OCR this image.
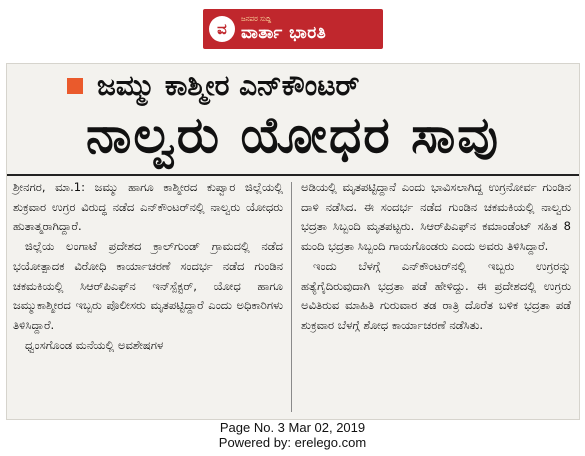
ವ
ಜನಪರ ಸುದ್ದಿ
ವಾರ್ತಾ ಭಾರತಿ
ಜಮ್ಮು ಕಾಶ್ಮೀರ ಎನ್‌ಕೌಂಟರ್
ನಾಲ್ವರು ಯೋಧರ ಸಾವು

ಶ್ರೀನಗರ, ಮಾ.1: ಜಮ್ಮು ಹಾಗೂ ಕಾಶ್ಮೀರದ ಕುಪ್ವಾರ ಜಿಲ್ಲೆಯಲ್ಲಿ ಶುಕ್ರವಾರ ಉಗ್ರರ ವಿರುದ್ಧ ನಡೆದ ಎನ್‌ಕೌಂಟರ್‌ನಲ್ಲಿ ನಾಲ್ವರು ಯೋಧರು ಹುತಾತ್ಮರಾಗಿದ್ದಾರೆ.

ಜಿಲ್ಲೆಯ ಲಂಗಾಟೆ ಪ್ರದೇಶದ ಕ್ರಾಲ್‌ಗುಂಡ್ ಗ್ರಾಮದಲ್ಲಿ ನಡೆದ ಭಯೋತ್ಪಾದಕ ವಿರೋಧಿ ಕಾರ್ಯಾಚರಣೆ ಸಂದರ್ಭ ನಡೆದ ಗುಂಡಿನ ಚಕಮಕಿಯಲ್ಲಿ ಸಿಆರ್‌ಪಿಎಫ್‌ನ ಇನ್‌ಸ್ಪೆಕ್ಟರ್, ಯೋಧ ಹಾಗೂ ಜಮ್ಮುಕಾಶ್ಮೀರದ ಇಬ್ಬರು ಪೊಲೀಸರು ಮೃತಪಟ್ಟಿದ್ದಾರೆ ಎಂದು ಅಧಿಕಾರಿಗಳು ತಿಳಿಸಿದ್ದಾರೆ.

ಧ್ವಂಸಗೊಂಡ ಮನೆಯಲ್ಲಿ ಅವಶೇಷಗಳ

ಅಡಿಯಲ್ಲಿ ಮೃತಪಟ್ಟಿದ್ದಾನೆ ಎಂದು ಭಾವಿಸಲಾಗಿದ್ದ ಉಗ್ರನೋರ್ವ ಗುಂಡಿನ ದಾಳಿ ನಡೆಸಿದ. ಈ ಸಂದರ್ಭ ನಡೆದ ಗುಂಡಿನ ಚಕಮಕಿಯಲ್ಲಿ ನಾಲ್ವರು ಭದ್ರತಾ ಸಿಬ್ಬಂದಿ ಮೃತಪಟ್ಟರು. ಸಿಆರ್‌ಪಿಎಫ್‌ನ ಕಮಾಂಡೆಂಟ್ ಸಹಿತ 8 ಮಂದಿ ಭದ್ರತಾ ಸಿಬ್ಬಂದಿ ಗಾಯಗೊಂಡರು ಎಂದು ಅವರು ತಿಳಿಸಿದ್ದಾರೆ.

ಇಂದು ಬೆಳಗ್ಗೆ ಎನ್‌ಕೌಂಟರ್‌ನಲ್ಲಿ ಇಬ್ಬರು ಉಗ್ರರನ್ನು ಹತ್ಯೆಗೈದಿರುವುದಾಗಿ ಭದ್ರತಾ ಪಡೆ ಹೇಳಿದ್ದು. ಈ ಪ್ರದೇಶದಲ್ಲಿ ಉಗ್ರರು ಅವಿತಿರುವ ಮಾಹಿತಿ ಗುರುವಾರ ತಡ ರಾತ್ರಿ ದೊರೆತ ಬಳಿಕ ಭದ್ರತಾ ಪಡೆ ಶುಕ್ರವಾರ ಬೆಳಗ್ಗೆ ಶೋಧ ಕಾರ್ಯಾಚರಣೆ ನಡೆಸಿತು.

Page No. 3 Mar 02, 2019
Powered by: erelego.com
